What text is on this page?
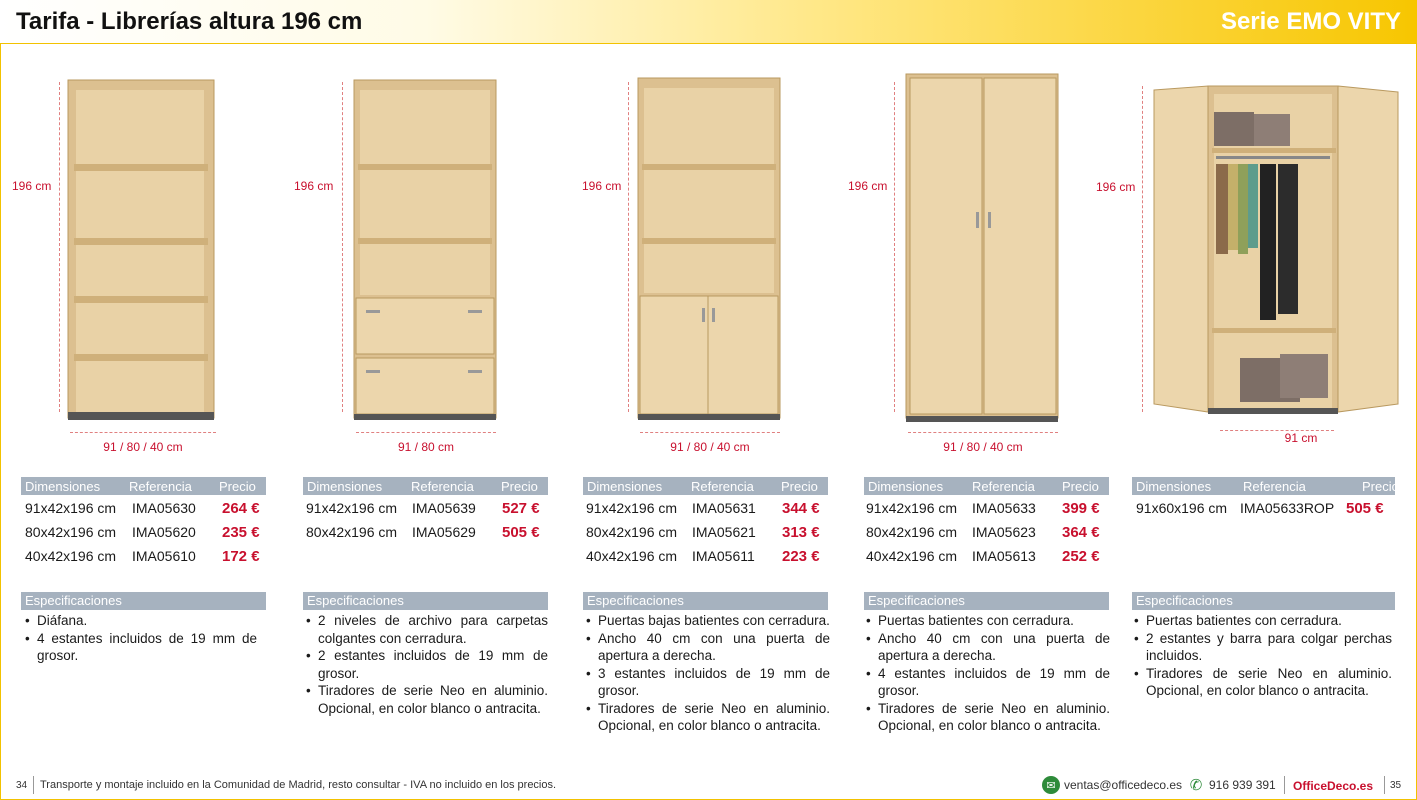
Tarifa - Librerías altura 196 cm	Serie EMO VITY
196 cm
91 / 80 / 40 cm
196 cm
91 / 80 cm
196 cm
91 / 80 / 40 cm
196 cm
91 / 80 / 40 cm
196 cm
91 cm
Dimensiones Referencia Precio
91x42x196 cm IMA05630 264 €
80x42x196 cm IMA05620 235 €
40x42x196 cm IMA05610 172 €
Dimensiones Referencia Precio
91x42x196 cm IMA05639 527 €
80x42x196 cm IMA05629 505 €
Dimensiones Referencia Precio
91x42x196 cm IMA05631 344 €
80x42x196 cm IMA05621 313 €
40x42x196 cm IMA05611 223 €
Dimensiones Referencia Precio
91x42x196 cm IMA05633 399 €
80x42x196 cm IMA05623 364 €
40x42x196 cm IMA05613 252 €
Dimensiones Referencia	Precio
91x60x196 cm IMA05633ROP 505 €
Especificaciones
• Diáfana.
• 4 estantes incluidos de 19 mm de grosor.
Especificaciones
• 2 niveles de archivo para carpetas colgantes con cerradura.
• 2 estantes incluidos de 19 mm de grosor.
• Tiradores de serie Neo en aluminio. Opcional, en color blanco o antracita.
Especificaciones
• Puertas bajas batientes con cerradura.
• Ancho 40 cm con una puerta de apertura a derecha.
• 3 estantes incluidos de 19 mm de grosor.
• Tiradores de serie Neo en aluminio. Opcional, en color blanco o antracita.
Especificaciones
• Puertas batientes con cerradura.
• Ancho 40 cm con una puerta de apertura a derecha.
• 4 estantes incluidos de 19 mm de grosor.
• Tiradores de serie Neo en aluminio. Opcional, en color blanco o antracita.
Especificaciones
• Puertas batientes con cerradura.
• 2 estantes y barra para colgar perchas incluidos.
• Tiradores de serie Neo en aluminio. Opcional, en color blanco o antracita.
34 Transporte y montaje incluido en la Comunidad de Madrid, resto consultar - IVA no incluido en los precios.	✉ ventas@officedeco.es ✆ 916 939 391 OfficeDeco.es 35
